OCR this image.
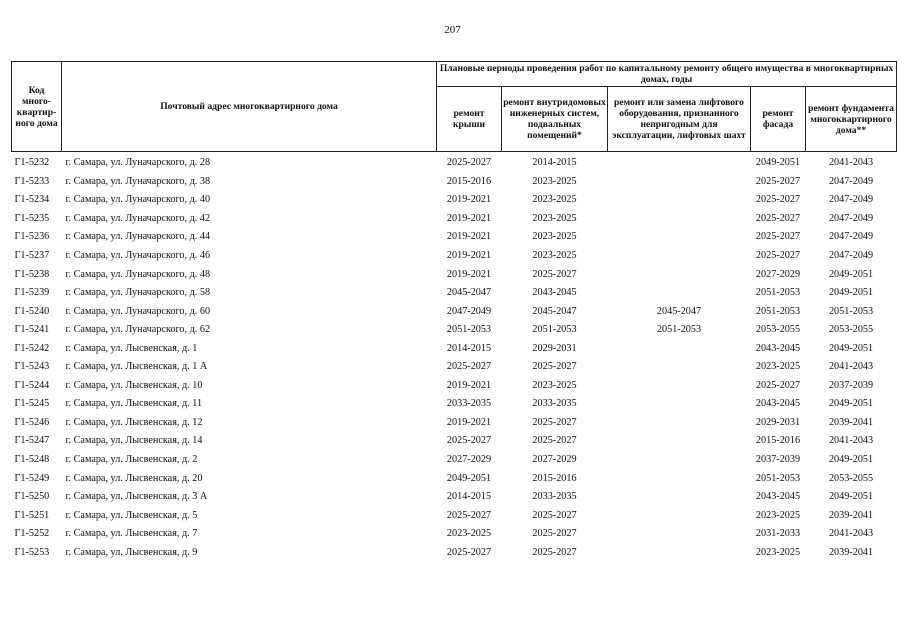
207
Код много-квартир-ного дома	Почтовый адрес многоквартирного дома	Плановые периоды проведения работ по капитальному ремонту общего имущества в многоквартирных домах, годы				
		ремонт крыши	ремонт внутридомовых инженерных систем, подвальных помещений*	ремонт или замена лифтового оборудования, признанного непригодным для эксплуатации, лифтовых шахт	ремонт фасада	ремонт фундамента многоквартирного дома**
Г1-5232	г. Самара, ул. Луначарского, д. 28	2025-2027	2014-2015		2049-2051	2041-2043
Г1-5233	г. Самара, ул. Луначарского, д. 38	2015-2016	2023-2025		2025-2027	2047-2049
Г1-5234	г. Самара, ул. Луначарского, д. 40	2019-2021	2023-2025		2025-2027	2047-2049
Г1-5235	г. Самара, ул. Луначарского, д. 42	2019-2021	2023-2025		2025-2027	2047-2049
Г1-5236	г. Самара, ул. Луначарского, д. 44	2019-2021	2023-2025		2025-2027	2047-2049
Г1-5237	г. Самара, ул. Луначарского, д. 46	2019-2021	2023-2025		2025-2027	2047-2049
Г1-5238	г. Самара, ул. Луначарского, д. 48	2019-2021	2025-2027		2027-2029	2049-2051
Г1-5239	г. Самара, ул. Луначарского, д. 58	2045-2047	2043-2045		2051-2053	2049-2051
Г1-5240	г. Самара, ул. Луначарского, д. 60	2047-2049	2045-2047	2045-2047	2051-2053	2051-2053
Г1-5241	г. Самара, ул. Луначарского, д. 62	2051-2053	2051-2053	2051-2053	2053-2055	2053-2055
Г1-5242	г. Самара, ул. Лысвенская, д. 1	2014-2015	2029-2031		2043-2045	2049-2051
Г1-5243	г. Самара, ул. Лысвенская, д. 1 А	2025-2027	2025-2027		2023-2025	2041-2043
Г1-5244	г. Самара, ул. Лысвенская, д. 10	2019-2021	2023-2025		2025-2027	2037-2039
Г1-5245	г. Самара, ул. Лысвенская, д. 11	2033-2035	2033-2035		2043-2045	2049-2051
Г1-5246	г. Самара, ул. Лысвенская, д. 12	2019-2021	2025-2027		2029-2031	2039-2041
Г1-5247	г. Самара, ул. Лысвенская, д. 14	2025-2027	2025-2027		2015-2016	2041-2043
Г1-5248	г. Самара, ул. Лысвенская, д. 2	2027-2029	2027-2029		2037-2039	2049-2051
Г1-5249	г. Самара, ул. Лысвенская, д. 20	2049-2051	2015-2016		2051-2053	2053-2055
Г1-5250	г. Самара, ул. Лысвенская, д. 3 А	2014-2015	2033-2035		2043-2045	2049-2051
Г1-5251	г. Самара, ул. Лысвенская, д. 5	2025-2027	2025-2027		2023-2025	2039-2041
Г1-5252	г. Самара, ул. Лысвенская, д. 7	2023-2025	2025-2027		2031-2033	2041-2043
Г1-5253	г. Самара, ул. Лысвенская, д. 9	2025-2027	2025-2027		2023-2025	2039-2041
